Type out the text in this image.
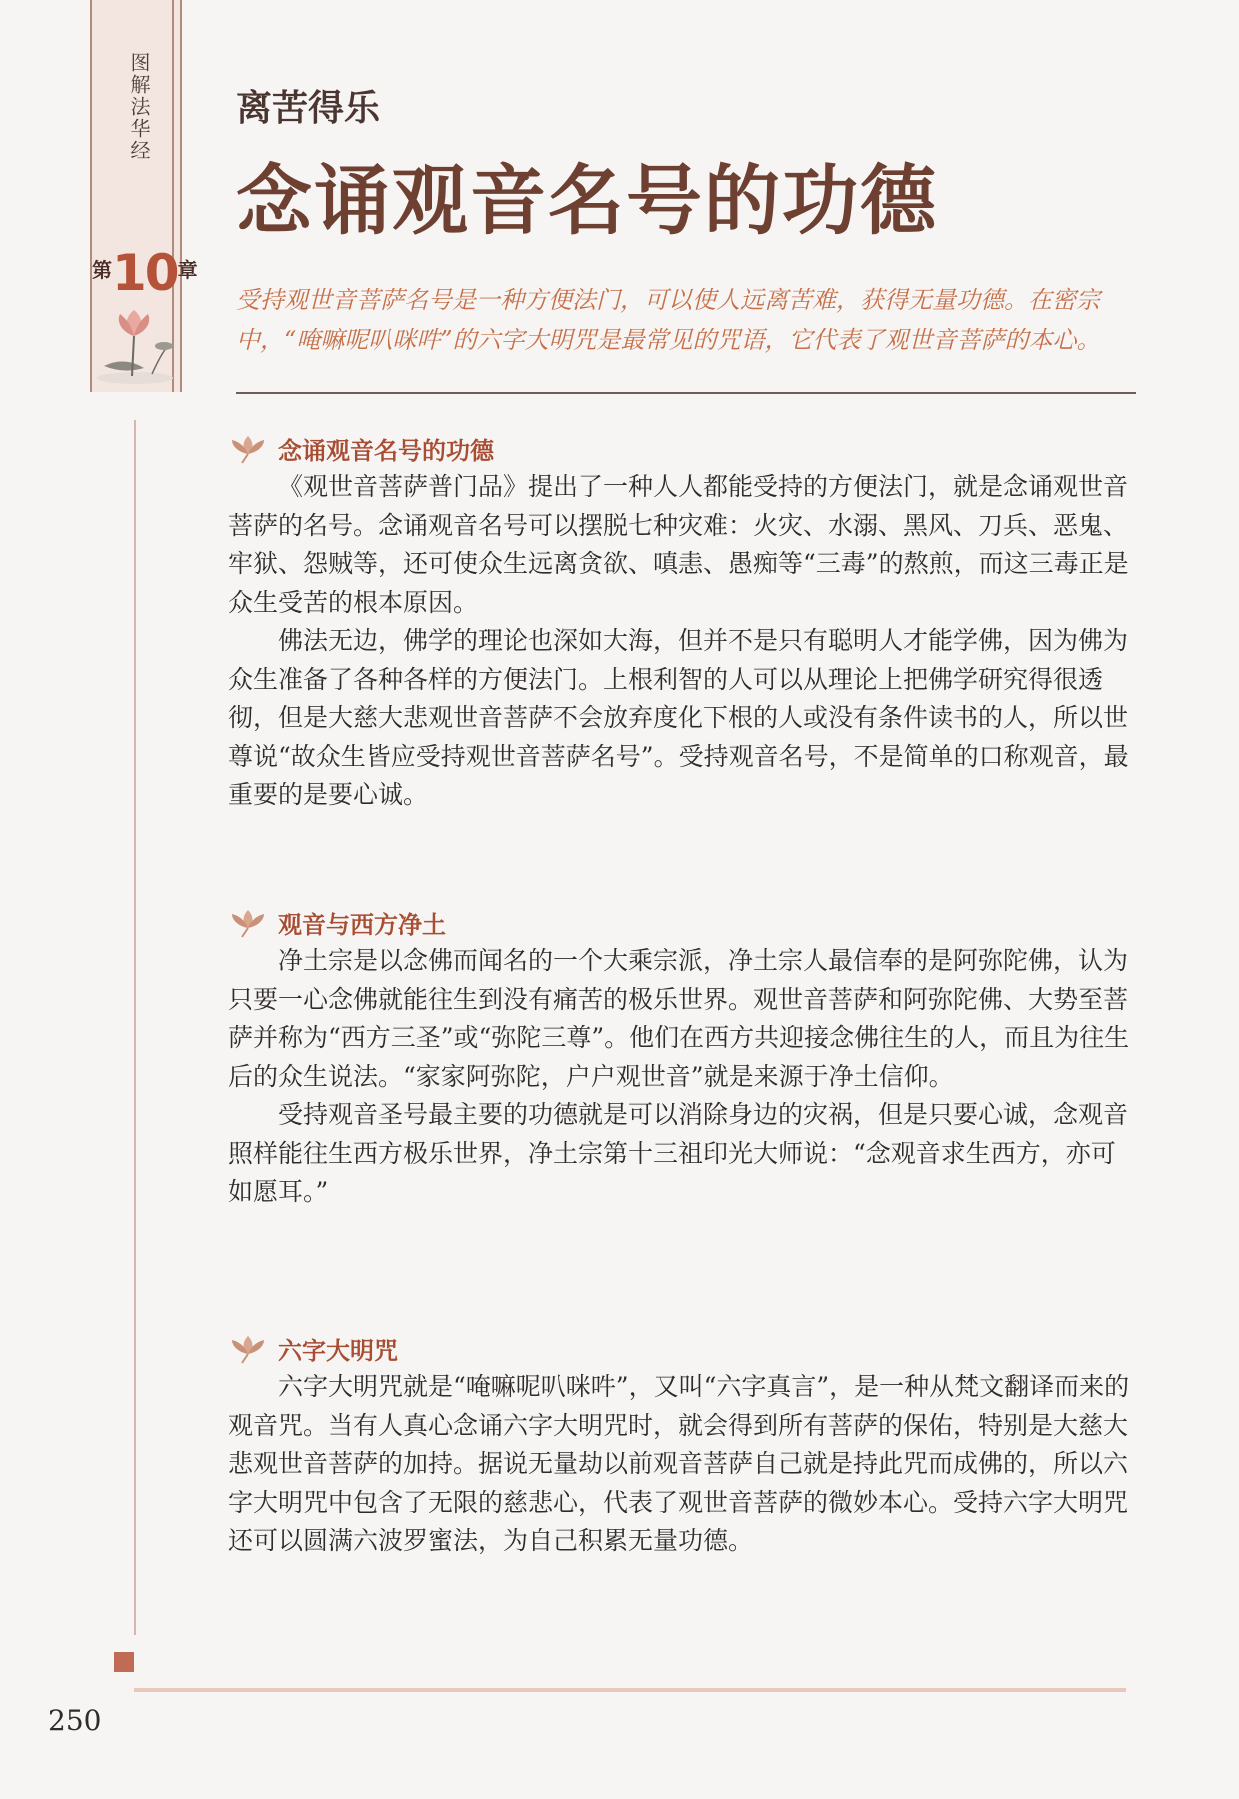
图解法华经
第10章
离苦得乐
念诵观音名号的功德
受持观世音菩萨名号是一种方便法门，可以使人远离苦难，获得无量功德。在密宗中，“唵嘛呢叭咪吽”的六字大明咒是最常见的咒语，它代表了观世音菩萨的本心。
念诵观音名号的功德

《观世音菩萨普门品》提出了一种人人都能受持的方便法门，就是念诵观世音菩萨的名号。念诵观音名号可以摆脱七种灾难：火灾、水溺、黑风、刀兵、恶鬼、牢狱、怨贼等，还可使众生远离贪欲、嗔恚、愚痴等“三毒”的熬煎，而这三毒正是众生受苦的根本原因。

佛法无边，佛学的理论也深如大海，但并不是只有聪明人才能学佛，因为佛为众生准备了各种各样的方便法门。上根利智的人可以从理论上把佛学研究得很透彻，但是大慈大悲观世音菩萨不会放弃度化下根的人或没有条件读书的人，所以世尊说“故众生皆应受持观世音菩萨名号”。受持观音名号，不是简单的口称观音，最重要的是要心诚。

观音与西方净土

净土宗是以念佛而闻名的一个大乘宗派，净土宗人最信奉的是阿弥陀佛，认为只要一心念佛就能往生到没有痛苦的极乐世界。观世音菩萨和阿弥陀佛、大势至菩萨并称为“西方三圣”或“弥陀三尊”。他们在西方共迎接念佛往生的人，而且为往生后的众生说法。“家家阿弥陀，户户观世音”就是来源于净土信仰。

受持观音圣号最主要的功德就是可以消除身边的灾祸，但是只要心诚，念观音照样能往生西方极乐世界，净土宗第十三祖印光大师说：“念观音求生西方，亦可如愿耳。”

六字大明咒

六字大明咒就是“唵嘛呢叭咪吽”，又叫“六字真言”，是一种从梵文翻译而来的观音咒。当有人真心念诵六字大明咒时，就会得到所有菩萨的保佑，特别是大慈大悲观世音菩萨的加持。据说无量劫以前观音菩萨自己就是持此咒而成佛的，所以六字大明咒中包含了无限的慈悲心，代表了观世音菩萨的微妙本心。受持六字大明咒还可以圆满六波罗蜜法，为自己积累无量功德。

250
